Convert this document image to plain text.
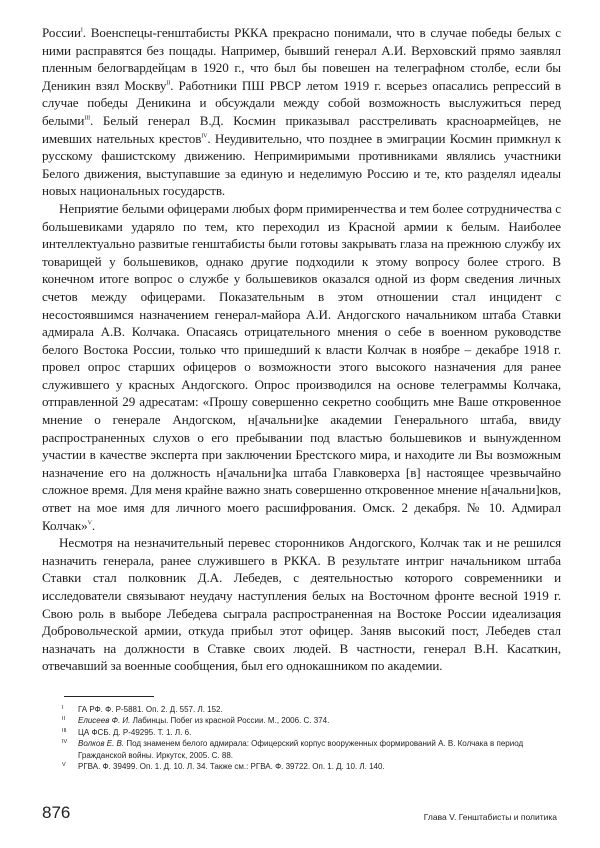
России$^I$. Военспецы-генштабисты РККА прекрасно понимали, что в случае победы белых с ними расправятся без пощады. Например, бывший генерал А.И. Верховский прямо заявлял пленным белогвардейцам в 1920 г., что был бы повешен на телеграфном столбе, если бы Деникин взял Москву$^{II}$. Работники ПШ РВСР летом 1919 г. всерьез опасались репрессий в случае победы Деникина и обсуждали между собой возможность выслужиться перед белыми$^{III}$. Белый генерал В.Д. Космин приказывал расстреливать красноармейцев, не имевших нательных крестов$^{IV}$. Неудивительно, что позднее в эмиграции Космин примкнул к русскому фашистскому движению. Непримиримыми противниками являлись участники Белого движения, выступавшие за единую и неделимую Россию и те, кто разделял идеалы новых национальных государств.

Неприятие белыми офицерами любых форм примиренчества и тем более сотрудничества с большевиками ударяло по тем, кто переходил из Красной армии к белым. Наиболее интеллектуально развитые генштабисты были готовы закрывать глаза на прежнюю службу их товарищей у большевиков, однако другие подходили к этому вопросу более строго. В конечном итоге вопрос о службе у большевиков оказался одной из форм сведения личных счетов между офицерами. Показательным в этом отношении стал инцидент с несостоявшимся назначением генерал-майора А.И. Андогского начальником штаба Ставки адмирала А.В. Колчака. Опасаясь отрицательного мнения о себе в военном руководстве белого Востока России, только что пришедший к власти Колчак в ноябре – декабре 1918 г. провел опрос старших офицеров о возможности этого высокого назначения для ранее служившего у красных Андогского. Опрос производился на основе телеграммы Колчака, отправленной 29 адресатам: «Прошу совершенно секретно сообщить мне Ваше откровенное мнение о генерале Андогском, н[ачальни]ке академии Генерального штаба, ввиду распространенных слухов о его пребывании под властью большевиков и вынужденном участии в качестве эксперта при заключении Брестского мира, и находите ли Вы возможным назначение его на должность н[ачальни]ка штаба Главковерха [в] настоящее чрезвычайно сложное время. Для меня крайне важно знать совершенно откровенное мнение н[ачальни]ков, ответ на мое имя для личного моего расшифрования. Омск. 2 декабря. № 10. Адмирал Колчак»$^V$.

Несмотря на незначительный перевес сторонников Андогского, Колчак так и не решился назначить генерала, ранее служившего в РККА. В результате интриг начальником штаба Ставки стал полковник Д.А. Лебедев, с деятельностью которого современники и исследователи связывают неудачу наступления белых на Восточном фронте весной 1919 г. Свою роль в выборе Лебедева сыграла распространенная на Востоке России идеализация Добровольческой армии, откуда прибыл этот офицер. Заняв высокий пост, Лебедев стал назначать на должности в Ставке своих людей. В частности, генерал В.Н. Касаткин, отвечавший за военные сообщения, был его однокашником по академии.

I	ГА РФ. Ф. Р-5881. Оп. 2. Д. 557. Л. 152.
II	Елисеев Ф. И. Лабинцы. Побег из красной России. М., 2006. С. 374.
III	ЦА ФСБ. Д. Р-49295. Т. 1. Л. 6.
IV	Волков Е. В. Под знаменем белого адмирала: Офицерский корпус вооруженных формирований А. В. Колчака в период Гражданской войны. Иркутск, 2005. С. 88.
V	РГВА. Ф. 39499. Оп. 1. Д. 10. Л. 34. Также см.: РГВА. Ф. 39722. Оп. 1. Д. 10. Л. 140.
876	Глава V. Генштабисты и политика
